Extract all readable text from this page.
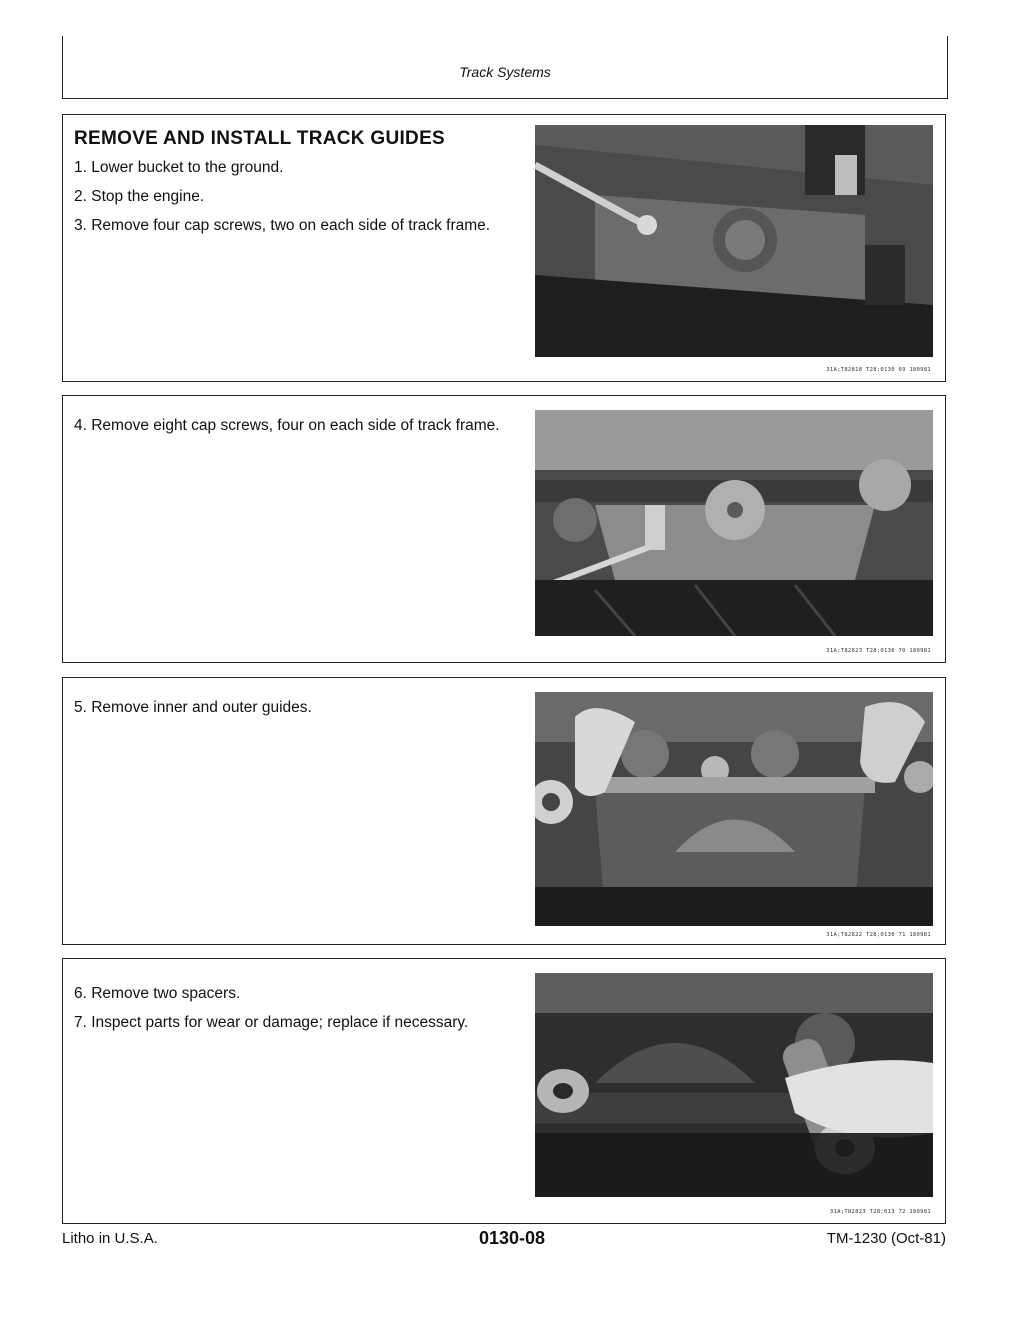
Track Systems
REMOVE AND INSTALL TRACK GUIDES
1. Lower bucket to the ground.
2. Stop the engine.
3. Remove four cap screws, two on each side of track frame.
31A;T82818 T28;0130 69 180981
4. Remove eight cap screws, four on each side of track frame.
31A;T82823 T28;0130 70 180981
5. Remove inner and outer guides.
31A;T82822 T28;0130 71 180981
6. Remove two spacers.
7. Inspect parts for wear or damage; replace if necessary.
31A;T82823 T28;013 72 180981
Litho in U.S.A.	0130-08	TM-1230 (Oct-81)
